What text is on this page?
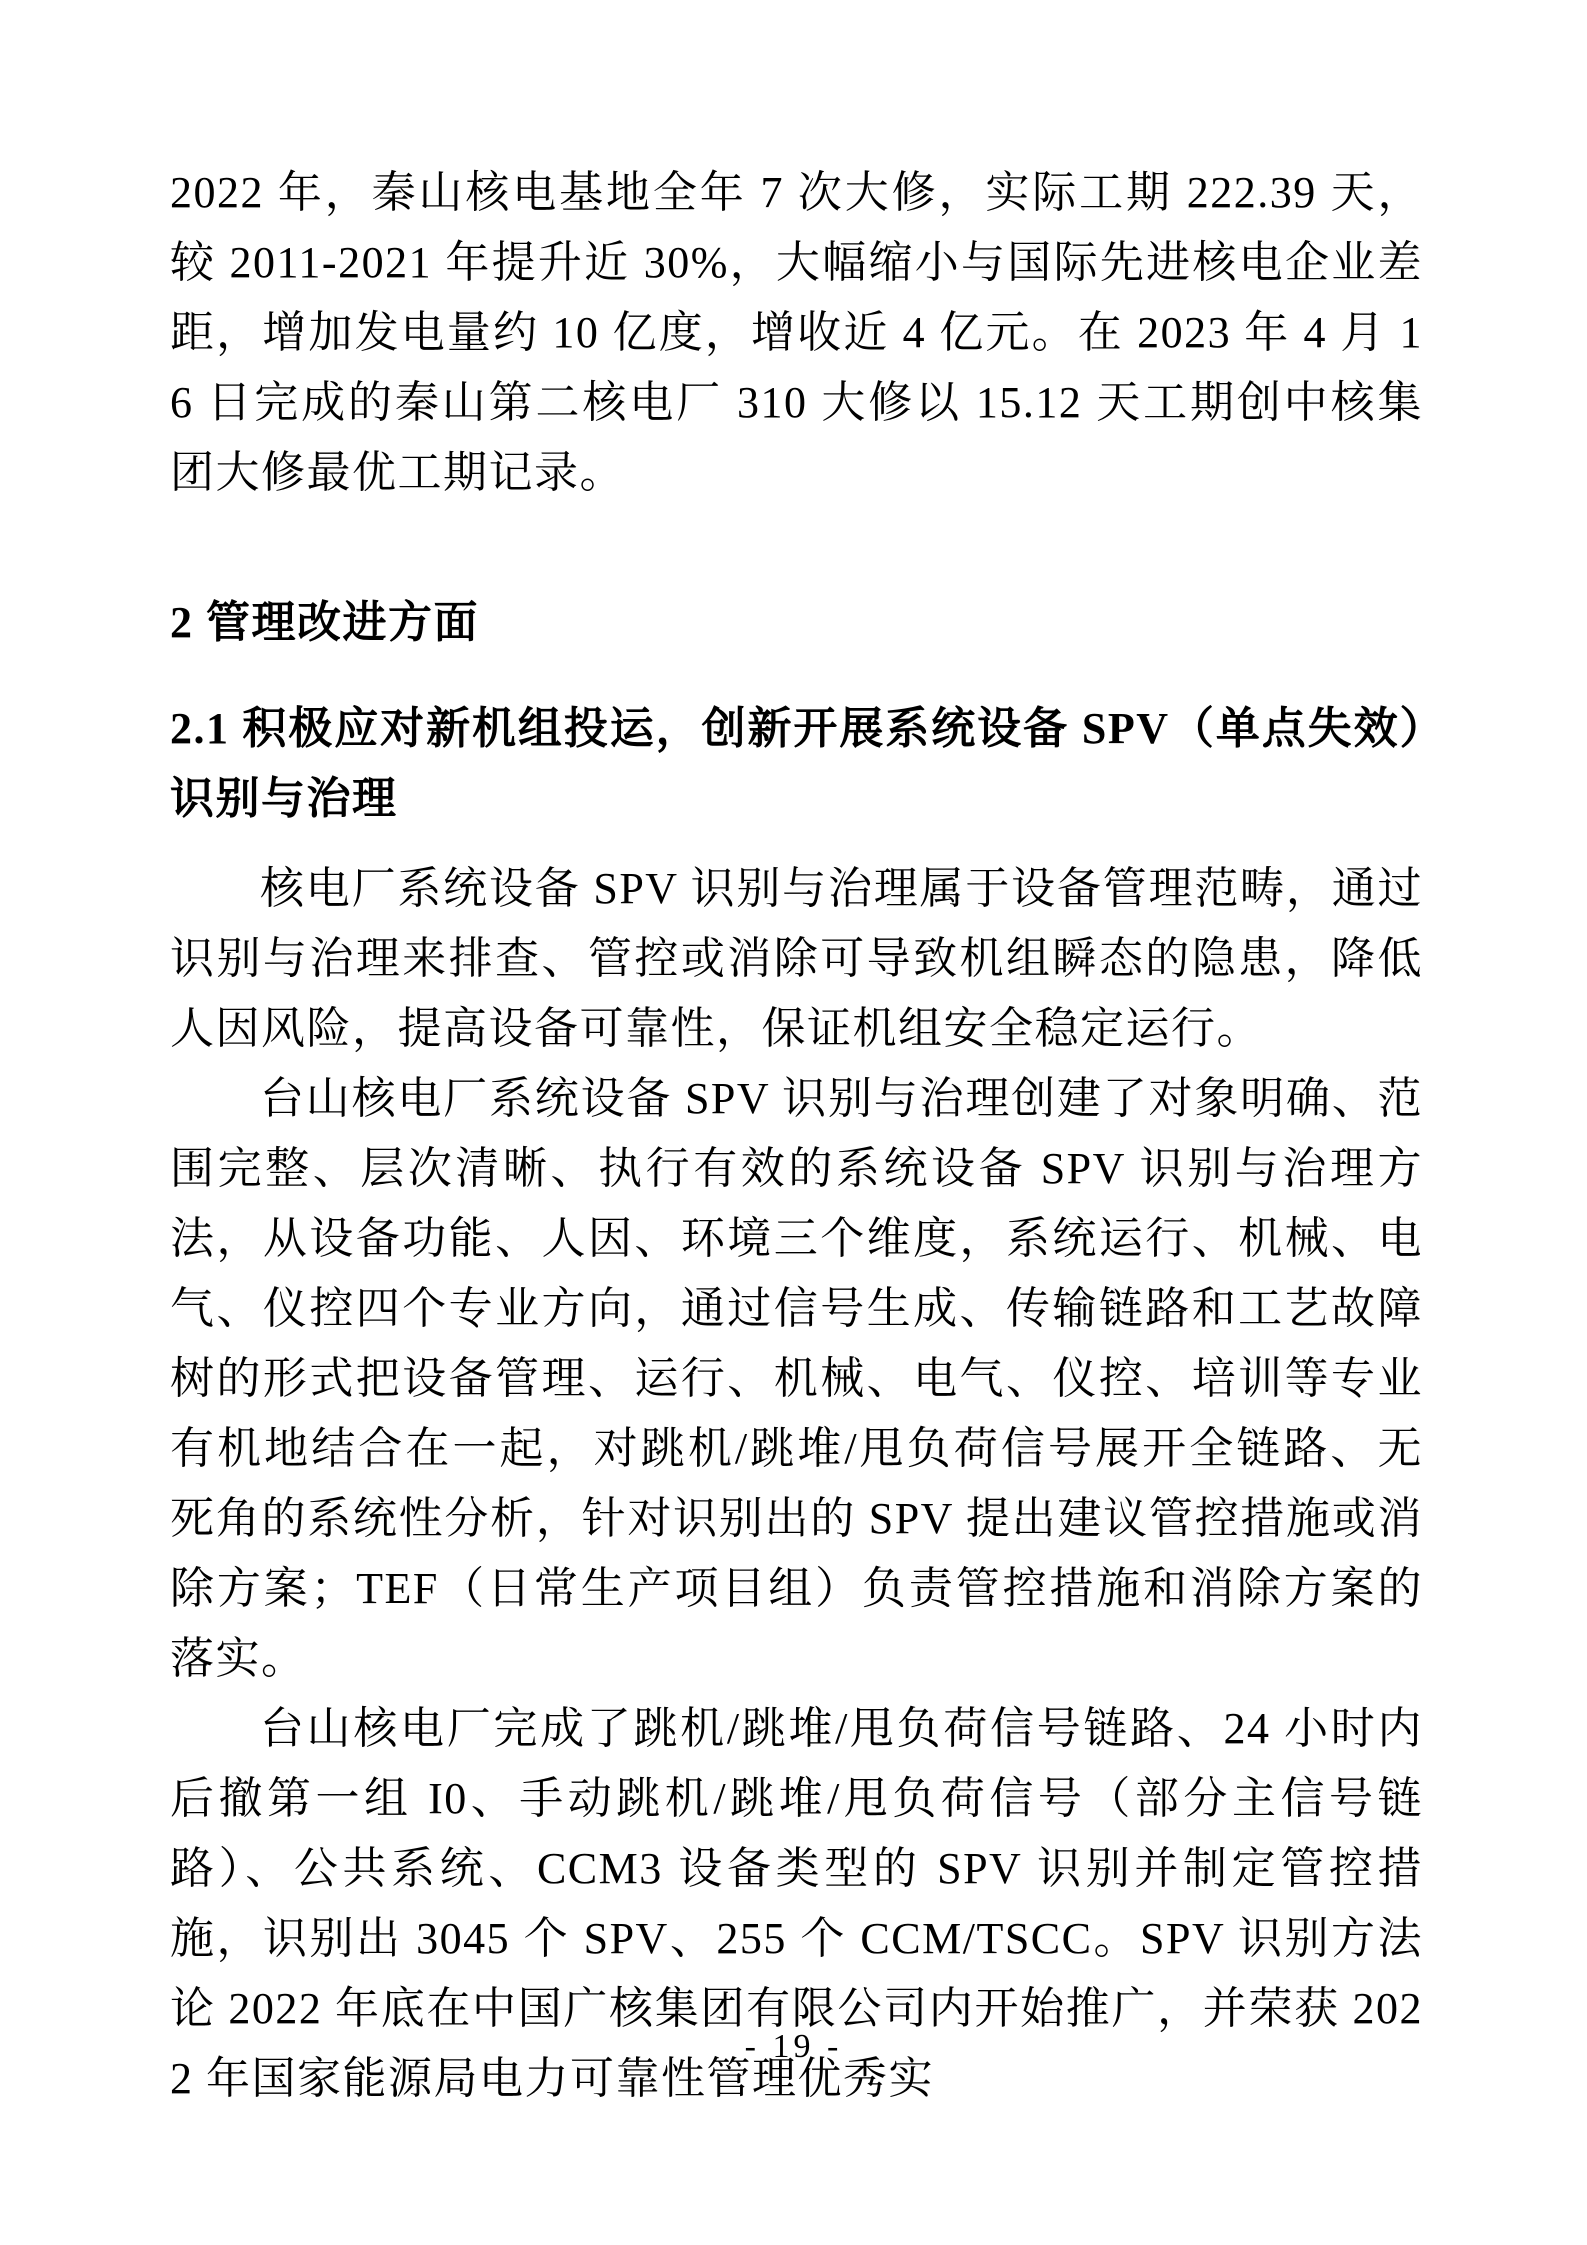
2022 年，秦山核电基地全年 7 次大修，实际工期 222.39 天，较 2011-2021 年提升近 30%，大幅缩小与国际先进核电企业差距，增加发电量约 10 亿度，增收近 4 亿元。在 2023 年 4 月 16 日完成的秦山第二核电厂 310 大修以 15.12 天工期创中核集团大修最优工期记录。

2 管理改进方面
2.1 积极应对新机组投运，创新开展系统设备 SPV（单点失效）识别与治理

核电厂系统设备 SPV 识别与治理属于设备管理范畴，通过识别与治理来排查、管控或消除可导致机组瞬态的隐患，降低人因风险，提高设备可靠性，保证机组安全稳定运行。

台山核电厂系统设备 SPV 识别与治理创建了对象明确、范围完整、层次清晰、执行有效的系统设备 SPV 识别与治理方法，从设备功能、人因、环境三个维度，系统运行、机械、电气、仪控四个专业方向，通过信号生成、传输链路和工艺故障树的形式把设备管理、运行、机械、电气、仪控、培训等专业有机地结合在一起，对跳机/跳堆/甩负荷信号展开全链路、无死角的系统性分析，针对识别出的 SPV 提出建议管控措施或消除方案；TEF（日常生产项目组）负责管控措施和消除方案的落实。

台山核电厂完成了跳机/跳堆/甩负荷信号链路、24 小时内后撤第一组 I0、手动跳机/跳堆/甩负荷信号（部分主信号链路）、公共系统、CCM3 设备类型的 SPV 识别并制定管控措施，识别出 3045 个 SPV、255 个 CCM/TSCC。SPV 识别方法论 2022 年底在中国广核集团有限公司内开始推广，并荣获 2022 年国家能源局电力可靠性管理优秀实

- 19 -
